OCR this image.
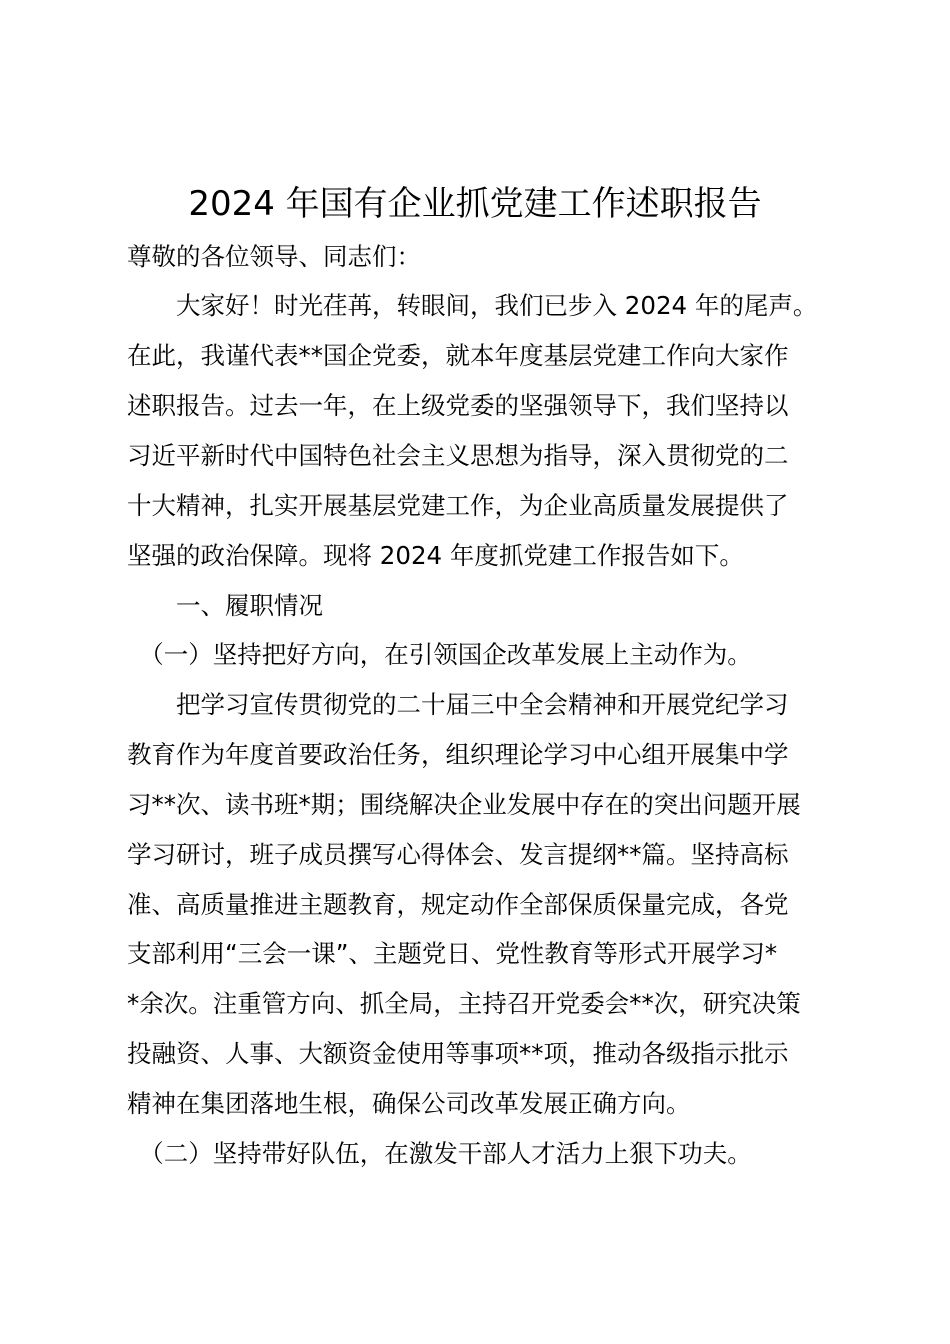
2024 年国有企业抓党建工作述职报告
尊敬的各位领导、同志们：
　　大家好！时光荏苒，转眼间，我们已步入 2024 年的尾声。
在此，我谨代表**国企党委，就本年度基层党建工作向大家作
述职报告。过去一年，在上级党委的坚强领导下，我们坚持以
习近平新时代中国特色社会主义思想为指导，深入贯彻党的二
十大精神，扎实开展基层党建工作，为企业高质量发展提供了
坚强的政治保障。现将 2024 年度抓党建工作报告如下。
　　一、履职情况
　（一）坚持把好方向，在引领国企改革发展上主动作为。
　　把学习宣传贯彻党的二十届三中全会精神和开展党纪学习
教育作为年度首要政治任务，组织理论学习中心组开展集中学
习**次、读书班*期；围绕解决企业发展中存在的突出问题开展
学习研讨，班子成员撰写心得体会、发言提纲**篇。坚持高标
准、高质量推进主题教育，规定动作全部保质保量完成，各党
支部利用“三会一课”、主题党日、党性教育等形式开展学习*
*余次。注重管方向、抓全局，主持召开党委会**次，研究决策
投融资、人事、大额资金使用等事项**项，推动各级指示批示
精神在集团落地生根，确保公司改革发展正确方向。
　（二）坚持带好队伍，在激发干部人才活力上狠下功夫。
